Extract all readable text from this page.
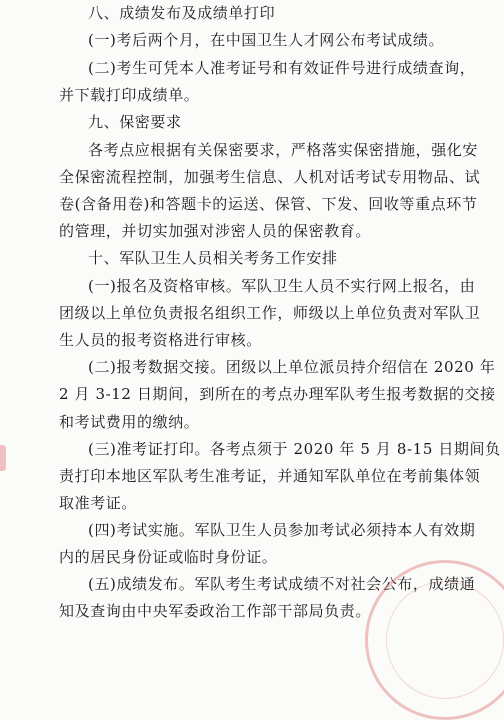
八、成绩发布及成绩单打印
(一)考后两个月，在中国卫生人才网公布考试成绩。
(二)考生可凭本人准考证号和有效证件号进行成绩查询，
并下载打印成绩单。
九、保密要求
各考点应根据有关保密要求，严格落实保密措施，强化安
全保密流程控制，加强考生信息、人机对话考试专用物品、试
卷(含备用卷)和答题卡的运送、保管、下发、回收等重点环节
的管理，并切实加强对涉密人员的保密教育。
十、军队卫生人员相关考务工作安排
(一)报名及资格审核。军队卫生人员不实行网上报名，由
团级以上单位负责报名组织工作，师级以上单位负责对军队卫
生人员的报考资格进行审核。
(二)报考数据交接。团级以上单位派员持介绍信在 2020 年
2 月 3-12 日期间，到所在的考点办理军队考生报考数据的交接
和考试费用的缴纳。
(三)准考证打印。各考点须于 2020 年 5 月 8-15 日期间负
责打印本地区军队考生准考证，并通知军队单位在考前集体领
取准考证。
(四)考试实施。军队卫生人员参加考试必须持本人有效期
内的居民身份证或临时身份证。
(五)成绩发布。军队考生考试成绩不对社会公布，成绩通
知及查询由中央军委政治工作部干部局负责。
